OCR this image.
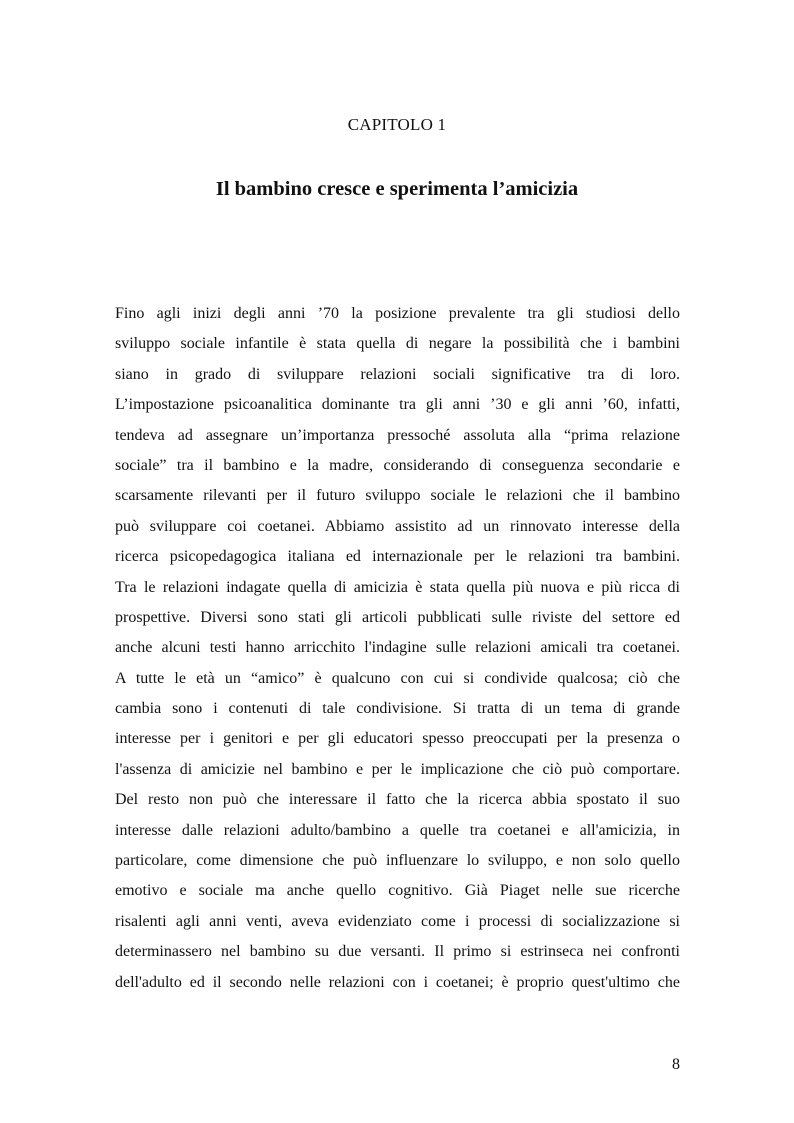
CAPITOLO 1
Il bambino cresce e sperimenta l’amicizia
Fino agli inizi degli anni ’70 la posizione prevalente tra gli studiosi dello
sviluppo sociale infantile è stata quella di negare la possibilità che i bambini
siano in grado di sviluppare relazioni sociali significative tra di loro.
L’impostazione psicoanalitica dominante tra gli anni ’30 e gli anni ’60, infatti,
tendeva ad assegnare un’importanza pressoché assoluta alla “prima relazione
sociale” tra il bambino e la madre, considerando di conseguenza secondarie e
scarsamente rilevanti per il futuro sviluppo sociale le relazioni che il bambino
può sviluppare coi coetanei. Abbiamo assistito ad un rinnovato interesse della
ricerca psicopedagogica italiana ed internazionale per le relazioni tra bambini.
Tra le relazioni indagate quella di amicizia è stata quella più nuova e più ricca di
prospettive. Diversi sono stati gli articoli pubblicati sulle riviste del settore ed
anche alcuni testi hanno arricchito l'indagine sulle relazioni amicali tra coetanei.
A tutte le età un “amico” è qualcuno con cui si condivide qualcosa; ciò che
cambia sono i contenuti di tale condivisione. Si tratta di un tema di grande
interesse per i genitori e per gli educatori spesso preoccupati per la presenza o
l'assenza di amicizie nel bambino e per le implicazione che ciò può comportare.
Del resto non può che interessare il fatto che la ricerca abbia spostato il suo
interesse dalle relazioni adulto/bambino a quelle tra coetanei e all'amicizia, in
particolare, come dimensione che può influenzare lo sviluppo, e non solo quello
emotivo e sociale ma anche quello cognitivo. Già Piaget nelle sue ricerche
risalenti agli anni venti, aveva evidenziato come i processi di socializzazione si
determinassero nel bambino su due versanti. Il primo si estrinseca nei confronti
dell'adulto ed il secondo nelle relazioni con i coetanei; è proprio quest'ultimo che
8
